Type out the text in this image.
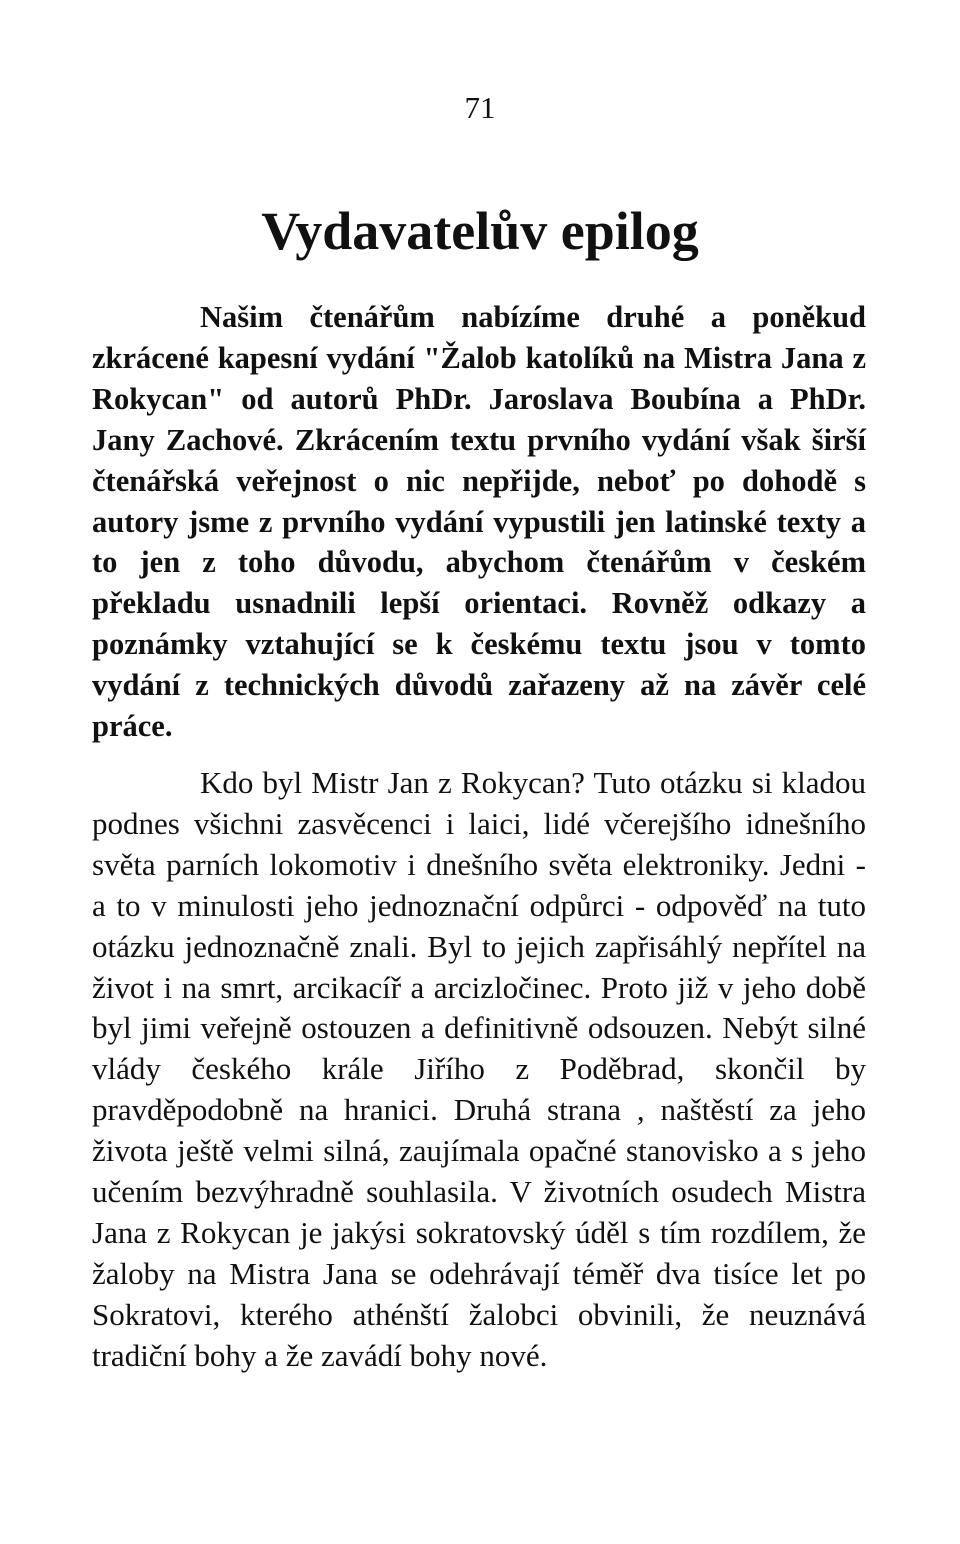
71
Vydavatelův epilog

Našim čtenářům nabízíme druhé a poněkud zkrácené kapesní vydání "Žalob katolíků na Mistra Jana z Rokycan" od autorů PhDr. Jaroslava Boubína a PhDr. Jany Zachové. Zkrácením textu prvního vydání však širší čtenářská veřejnost o nic nepřijde, neboť po dohodě s autory jsme z prvního vydání vypustili jen latinské texty a to jen z toho důvodu, abychom čtenářům v českém překladu usnadnili lepší orientaci. Rovněž odkazy a poznámky vztahující se k českému textu jsou v tomto vydání z technických důvodů zařazeny až na závěr celé práce.

Kdo byl Mistr Jan z Rokycan? Tuto otázku si kladou podnes všichni zasvěcenci i laici, lidé včerejšího idnešního světa parních lokomotiv i dnešního světa elektroniky. Jedni - a to v minulosti jeho jednoznační odpůrci - odpověď na tuto otázku jednoznačně znali. Byl to jejich zapřisáhlý nepřítel na život i na smrt, arcikacíř a arcizločinec. Proto již v jeho době byl jimi veřejně ostouzen a definitivně odsouzen. Nebýt silné vlády českého krále Jiřího z Poděbrad, skončil by pravděpodobně na hranici. Druhá strana , naštěstí za jeho života ještě velmi silná, zaujímala opačné stanovisko a s jeho učením bezvýhradně souhlasila. V životních osudech Mistra Jana z Rokycan je jakýsi sokratovský úděl s tím rozdílem, že žaloby na Mistra Jana se odehrávají téměř dva tisíce let po Sokratovi, kterého athénští žalobci obvinili, že neuznává tradiční bohy a že zavádí bohy nové.
